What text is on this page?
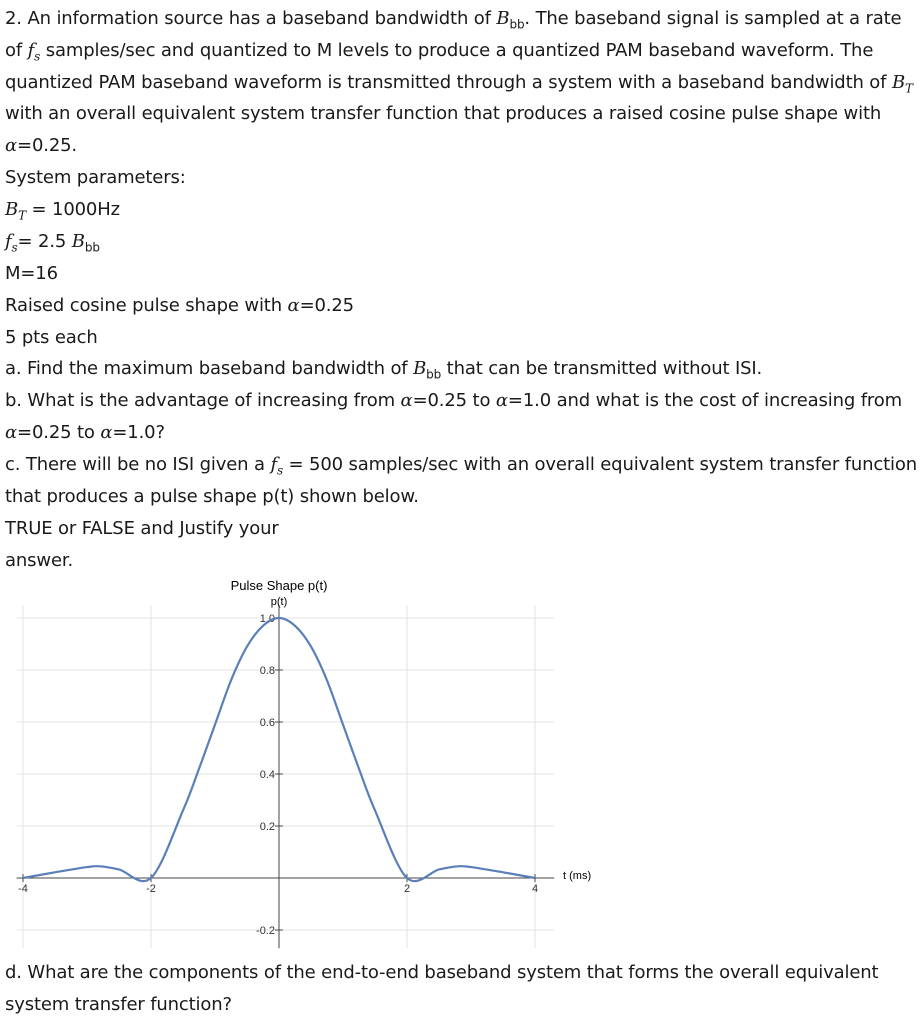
2. An information source has a baseband bandwidth of $B_{bb}$. The baseband signal is sampled at a rate
of $f_s$ samples/sec and quantized to M levels to produce a quantized PAM baseband waveform. The
quantized PAM baseband waveform is transmitted through a system with a baseband bandwidth of $B_T$
with an overall equivalent system transfer function that produces a raised cosine pulse shape with
α=0.25.
System parameters:
$B_T = 1000Hz$
$f_s= 2.5$ $B_{bb}$
M=16
Raised cosine pulse shape with α=0.25
5 pts each
a. Find the maximum baseband bandwidth of $B_{bb}$ that can be transmitted without ISI.
b. What is the advantage of increasing from α=0.25 to α=1.0 and what is the cost of increasing from
α=0.25 to α=1.0?
c. There will be no ISI given a $f_s = 500$ samples/sec with an overall equivalent system transfer function
that produces a pulse shape p(t) shown below.
TRUE or FALSE and Justify your
answer.
d. What are the components of the end-to-end baseband system that forms the overall equivalent
system transfer function?
-4	-2	2	4
-0.2
0.2
0.4
0.6
0.8
1.0
Pulse Shape p(t)
p(t)
t (ms)
